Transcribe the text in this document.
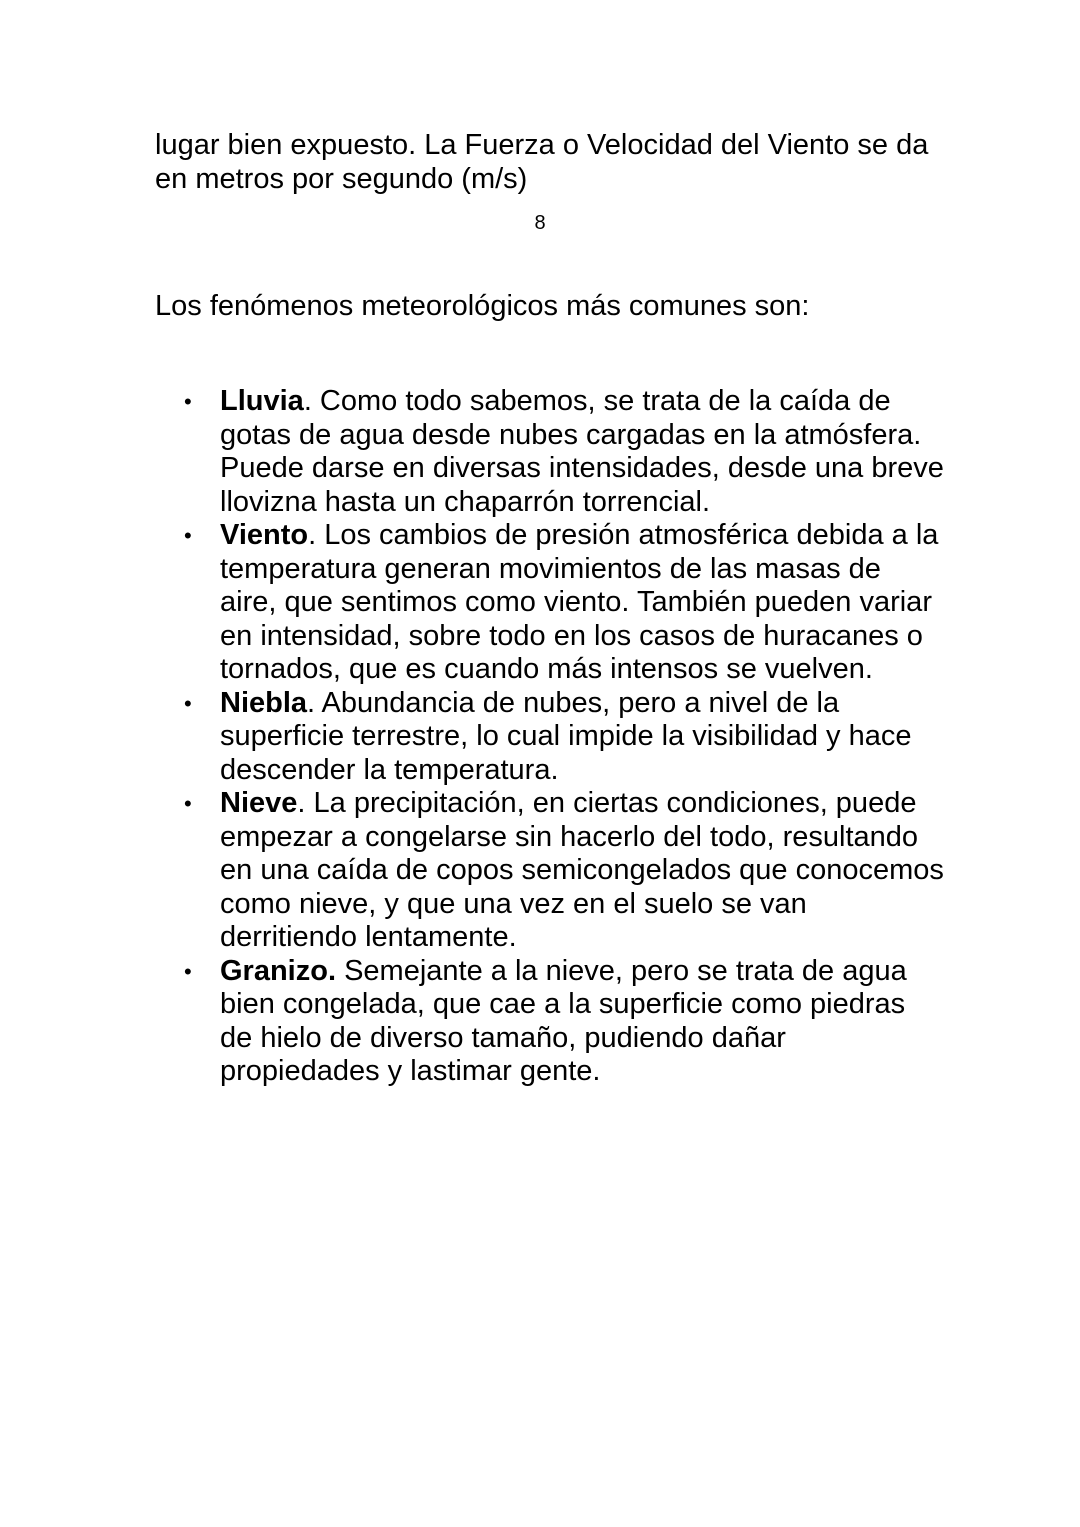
lugar bien expuesto. La Fuerza o Velocidad del Viento se da en metros por segundo (m/s)

8

Los fenómenos meteorológicos más comunes son:

• Lluvia. Como todo sabemos, se trata de la caída de gotas de agua desde nubes cargadas en la atmósfera. Puede darse en diversas intensidades, desde una breve llovizna hasta un chaparrón torrencial.
• Viento. Los cambios de presión atmosférica debida a la temperatura generan movimientos de las masas de aire, que sentimos como viento. También pueden variar en intensidad, sobre todo en los casos de huracanes o tornados, que es cuando más intensos se vuelven.
• Niebla. Abundancia de nubes, pero a nivel de la superficie terrestre, lo cual impide la visibilidad y hace descender la temperatura.
• Nieve. La precipitación, en ciertas condiciones, puede empezar a congelarse sin hacerlo del todo, resultando en una caída de copos semicongelados que conocemos como nieve, y que una vez en el suelo se van derritiendo lentamente.
• Granizo. Semejante a la nieve, pero se trata de agua bien congelada, que cae a la superficie como piedras de hielo de diverso tamaño, pudiendo dañar propiedades y lastimar gente.
